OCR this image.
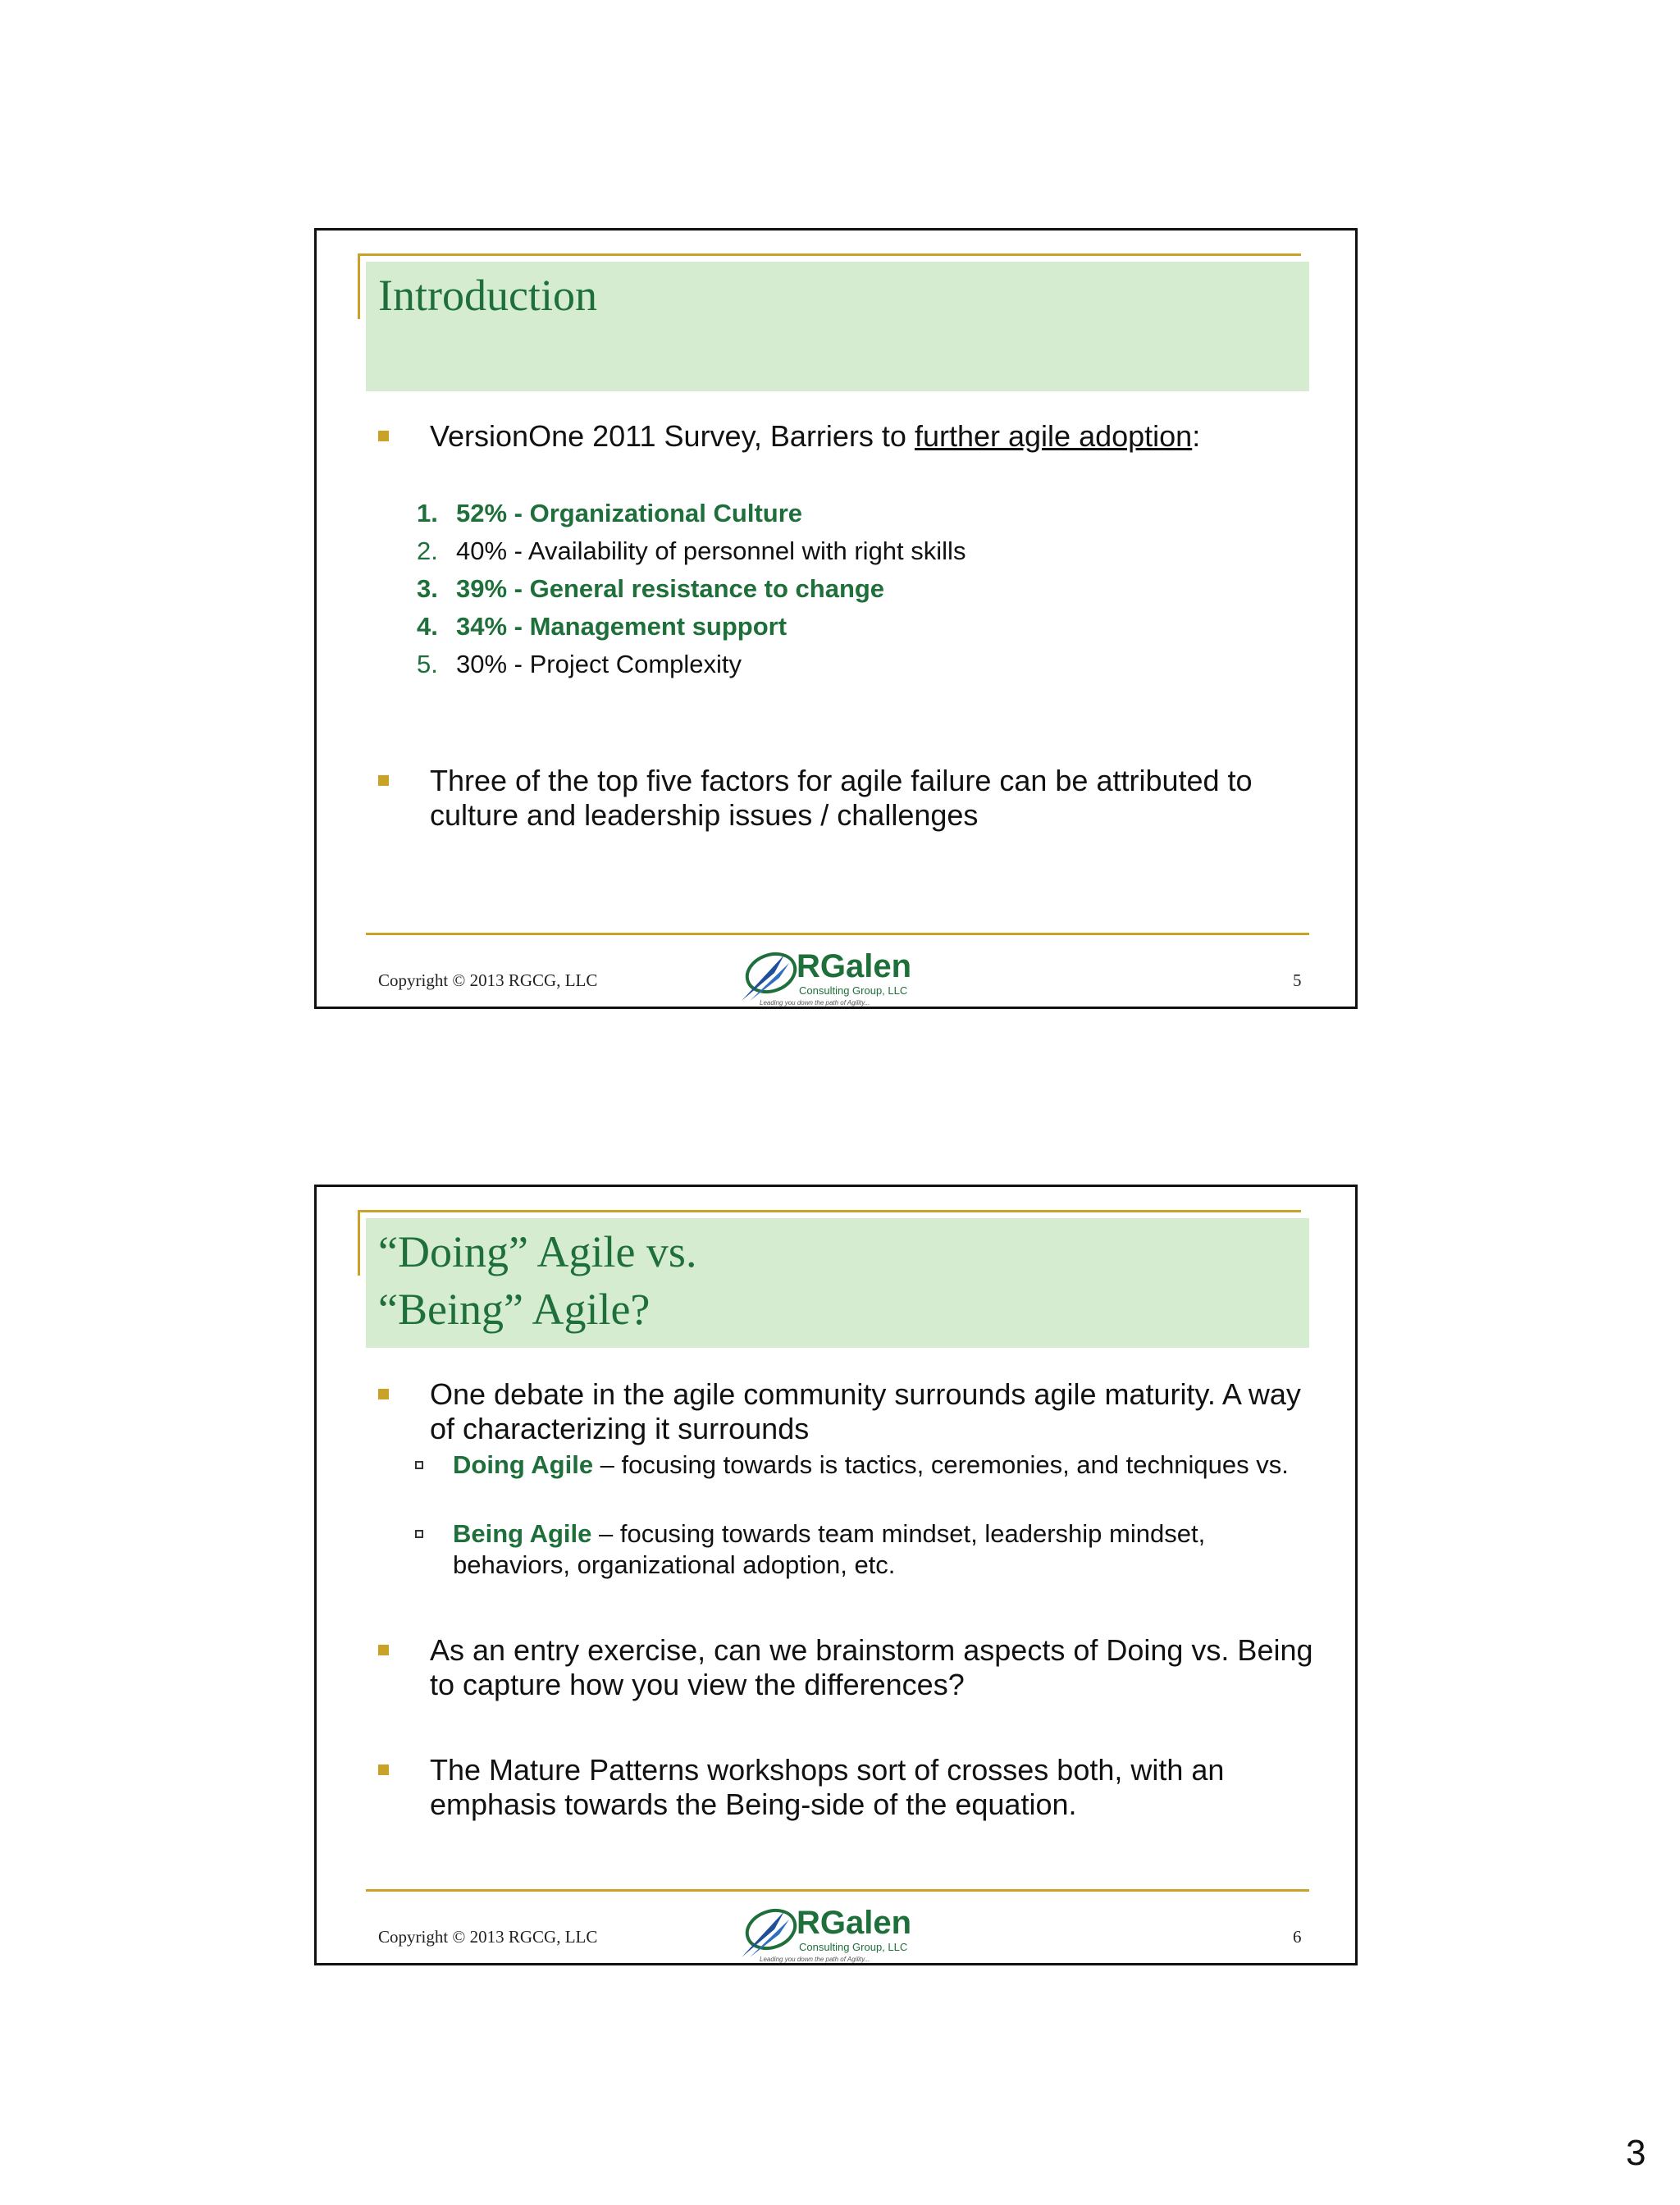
Introduction
VersionOne 2011 Survey, Barriers to further agile adoption:
1. 52% - Organizational Culture
2. 40% - Availability of personnel with right skills
3. 39% - General resistance to change
4. 34% - Management support
5. 30% - Project Complexity
Three of the top five factors for agile failure can be attributed to culture and leadership issues / challenges
Copyright © 2013 RGCG, LLC	RGalen
Consulting Group, LLC
Leading you down the path of Agility...
5
“Doing” Agile vs.
“Being” Agile?
One debate in the agile community surrounds agile maturity. A way of characterizing it surrounds
Doing Agile – focusing towards is tactics, ceremonies, and techniques vs.
Being Agile – focusing towards team mindset, leadership mindset, behaviors, organizational adoption, etc.
As an entry exercise, can we brainstorm aspects of Doing vs. Being to capture how you view the differences?
The Mature Patterns workshops sort of crosses both, with an emphasis towards the Being-side of the equation.
Copyright © 2013 RGCG, LLC	RGalen
Consulting Group, LLC
Leading you down the path of Agility...
6
3
